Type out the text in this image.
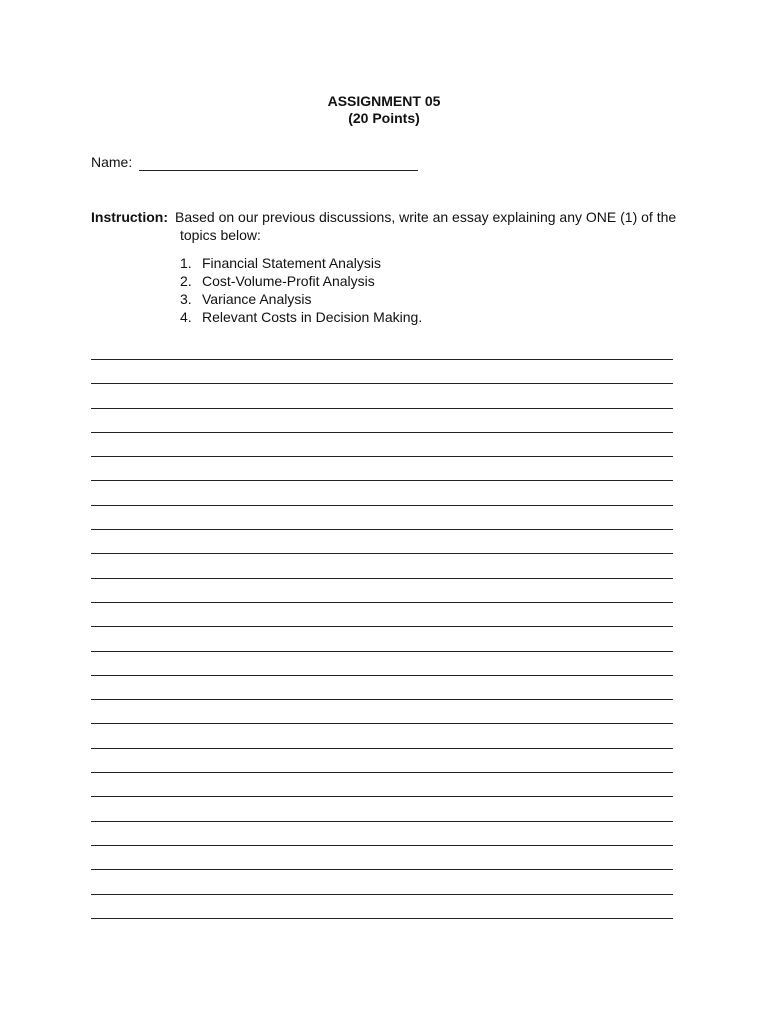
ASSIGNMENT 05
(20 Points)
Name:
Instruction: Based on our previous discussions, write an essay explaining any ONE (1) of the topics below:
1. Financial Statement Analysis
2. Cost-Volume-Profit Analysis
3. Variance Analysis
4. Relevant Costs in Decision Making.
